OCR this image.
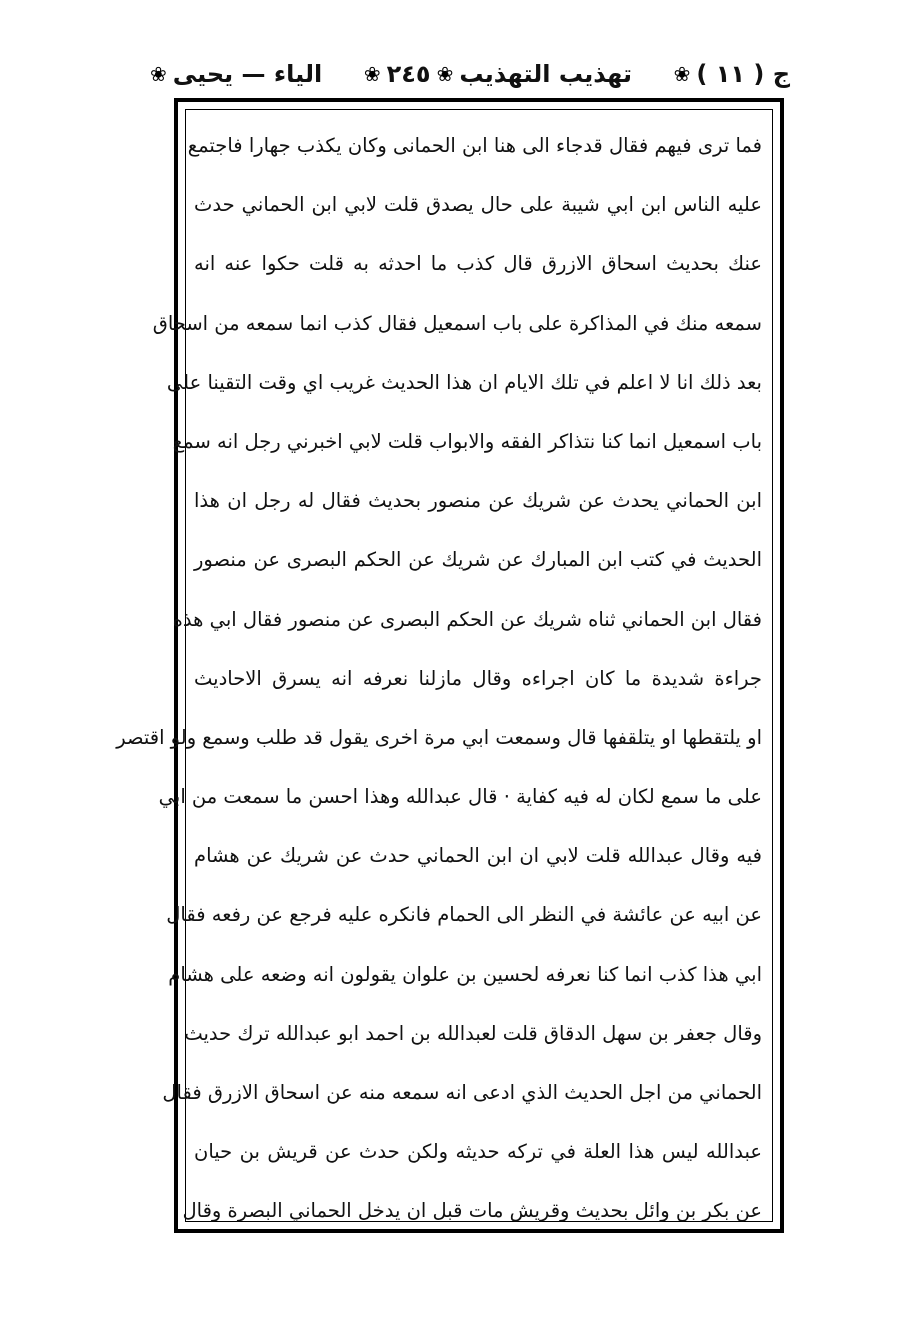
ج ( ١١ )
❀
تهذيب التهذيب
❀
٢٤٥
❀
الياء — يحيى
❀
فما ترى فيهم فقال قدجاء الى هنا ابن الحمانى وكان يكذب جهارا فاجتمع
عليه الناس ابن ابي شيبة على حال يصدق قلت لابي ابن الحماني حدث
عنك بحديث اسحاق الازرق قال كذب ما احدثه به قلت حكوا عنه انه
سمعه منك في المذاكرة على باب اسمعيل فقال كذب انما سمعه من اسحاق
بعد ذلك انا لا اعلم في تلك الايام ان هذا الحديث غريب اي وقت التقينا على
باب اسمعيل انما كنا نتذاكر الفقه والابواب قلت لابي اخبرني رجل انه سمع
ابن الحماني يحدث عن شريك عن منصور بحديث فقال له رجل ان هذا
الحديث في كتب ابن المبارك عن شريك عن الحكم البصرى عن منصور
فقال ابن الحماني ثناه شريك عن الحكم البصرى عن منصور فقال ابي هذه
جراءة شديدة ما كان اجراءه وقال مازلنا نعرفه انه يسرق الاحاديث
او يلتقطها او يتلقفها قال وسمعت ابي مرة اخرى يقول قد طلب وسمع ولو اقتصر
على ما سمع لكان له فيه كفاية · قال عبدالله وهذا احسن ما سمعت من ابي
فيه وقال عبدالله قلت لابي ان ابن الحماني حدث عن شريك عن هشام
عن ابيه عن عائشة في النظر الى الحمام فانكره عليه فرجع عن رفعه فقال
ابي هذا كذب انما كنا نعرفه لحسين بن علوان يقولون انه وضعه على هشام
وقال جعفر بن سهل الدقاق قلت لعبدالله بن احمد ابو عبدالله ترك حديث
الحماني من اجل الحديث الذي ادعى انه سمعه منه عن اسحاق الازرق فقال
عبدالله ليس هذا العلة في تركه حديثه ولكن حدث عن قريش بن حيان
عن بكر بن وائل بحديث وقريش مات قبل ان يدخل الحماني البصرة وقال
